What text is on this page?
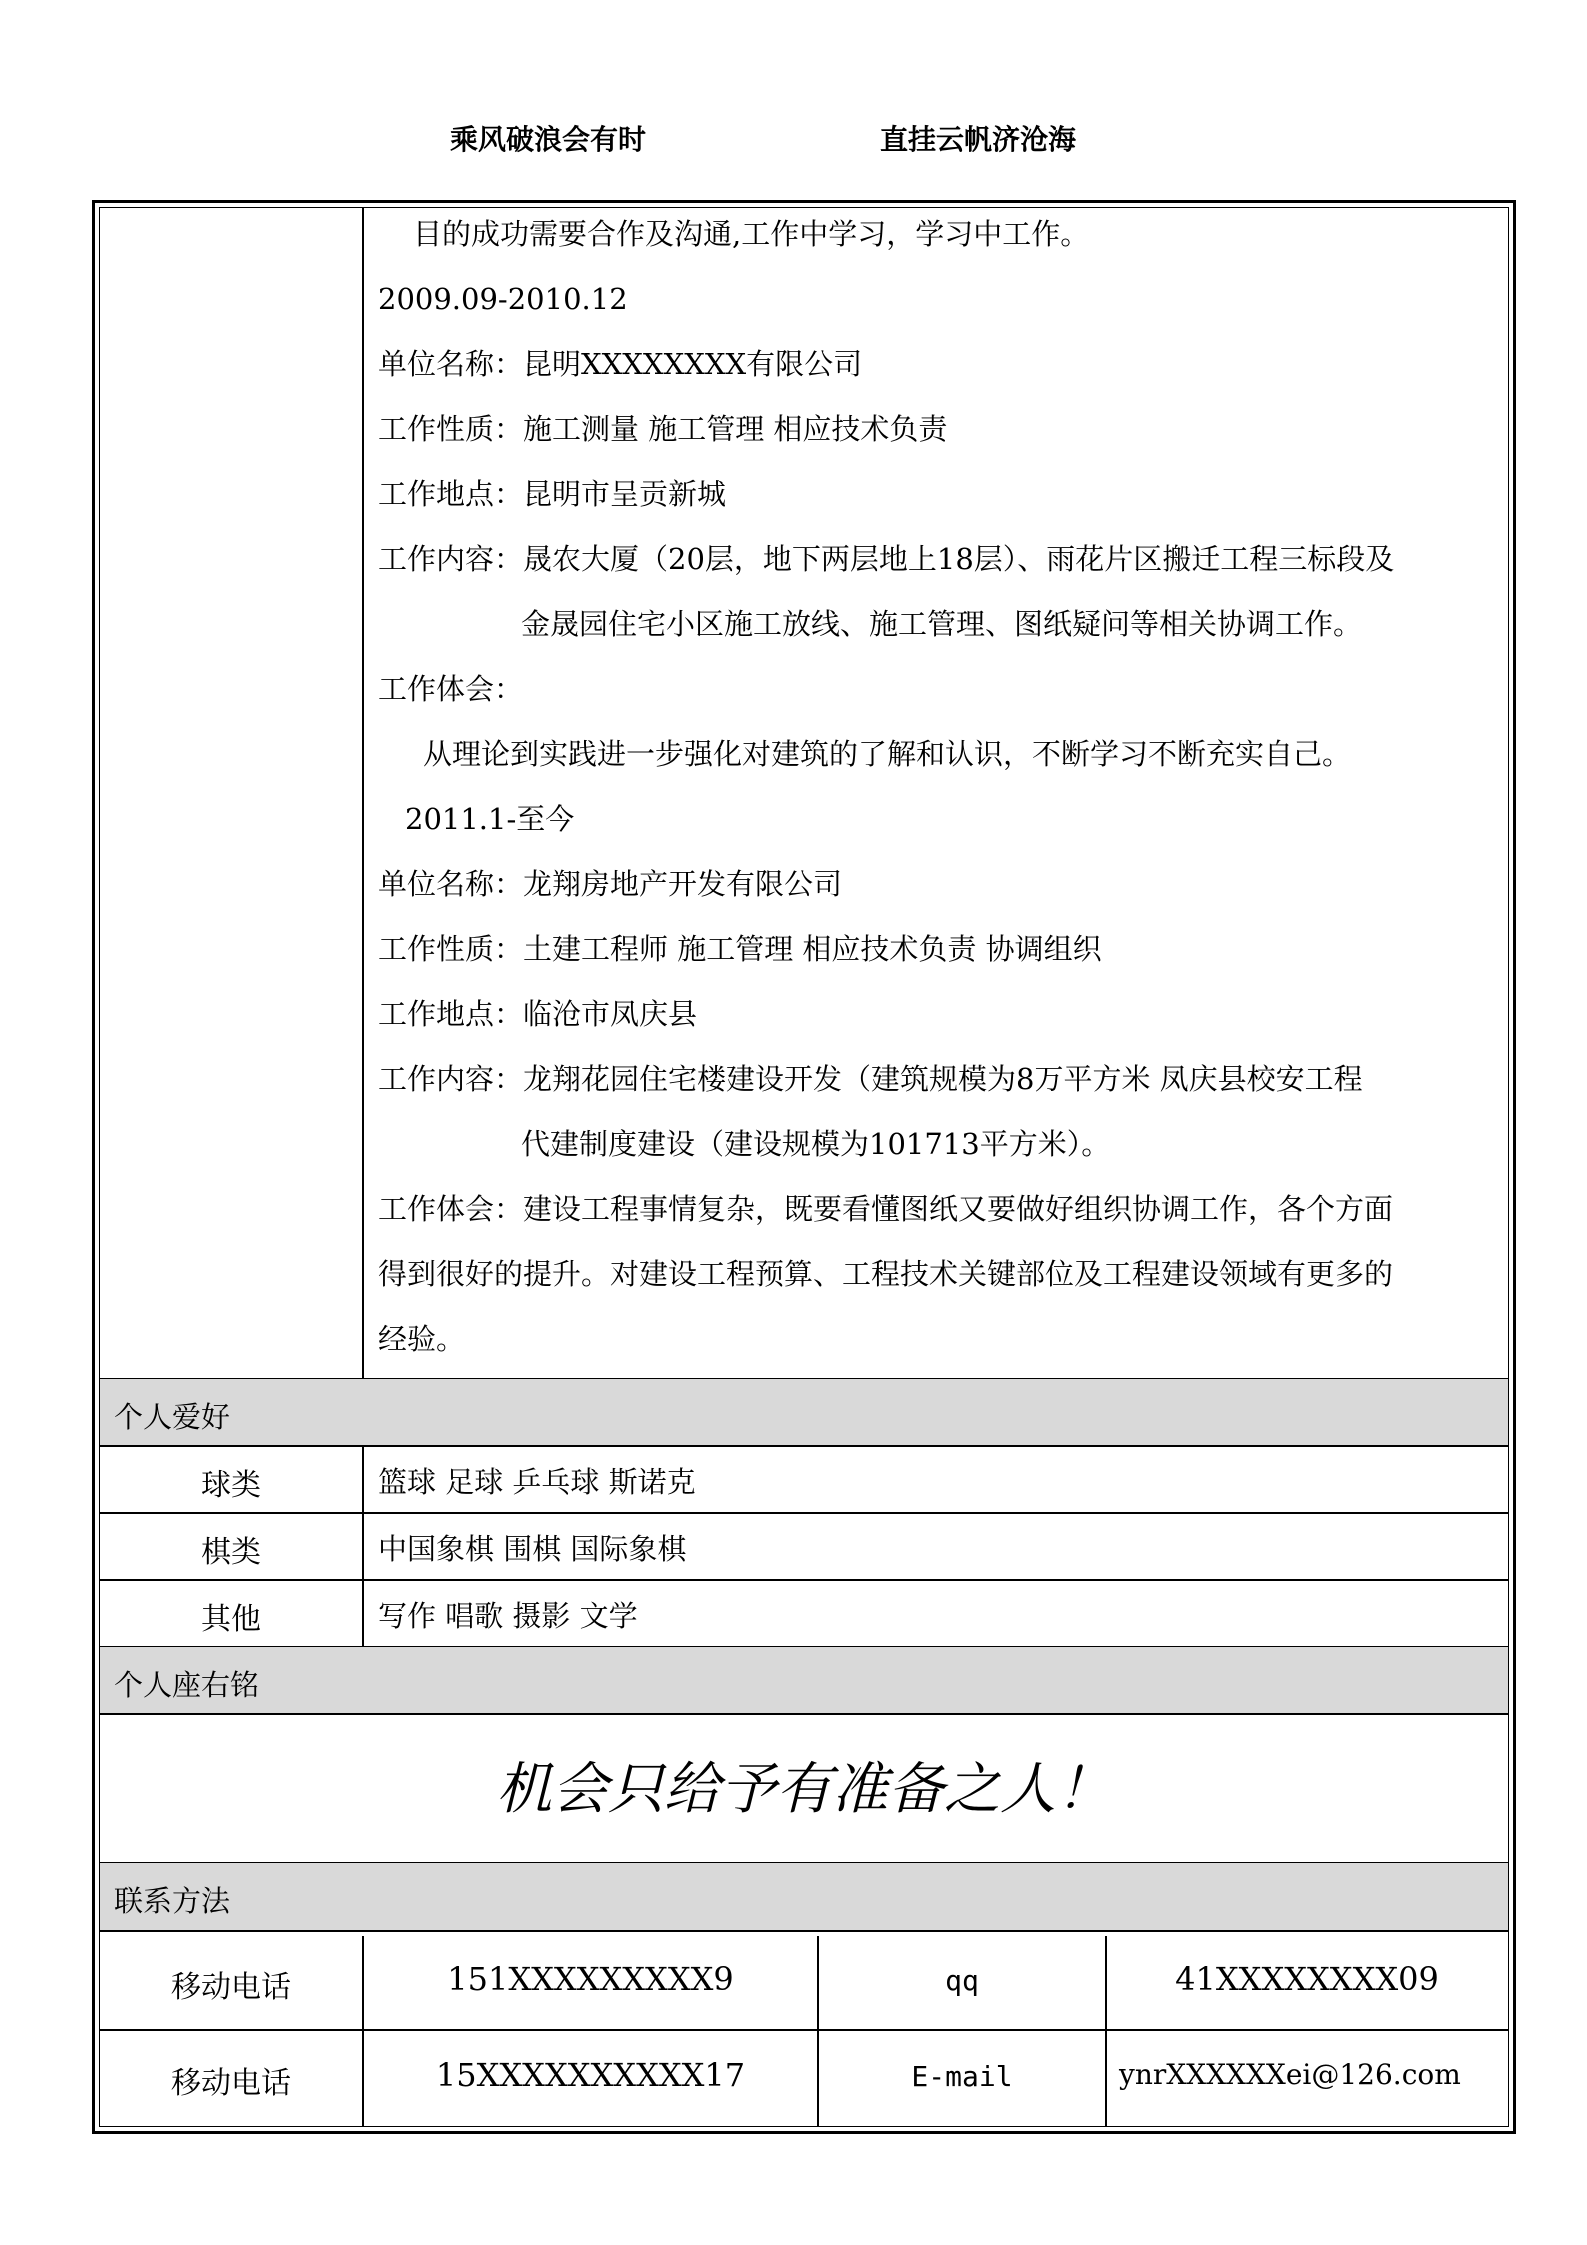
乘风破浪会有时	直挂云帆济沧海
目的成功需要合作及沟通,工作中学习，学习中工作。
2009.09-2010.12
单位名称：昆明XXXXXXXX有限公司
工作性质：施工测量 施工管理 相应技术负责
工作地点：昆明市呈贡新城
工作内容：晟农大厦（20层，地下两层地上18层）、雨花片区搬迁工程三标段及
金晟园住宅小区施工放线、施工管理、图纸疑问等相关协调工作。
工作体会：
从理论到实践进一步强化对建筑的了解和认识，不断学习不断充实自己。
2011.1-至今
单位名称：龙翔房地产开发有限公司
工作性质：土建工程师 施工管理 相应技术负责 协调组织
工作地点：临沧市凤庆县
工作内容：龙翔花园住宅楼建设开发（建筑规模为8万平方米 凤庆县校安工程
代建制度建设（建设规模为101713平方米）。
工作体会：建设工程事情复杂，既要看懂图纸又要做好组织协调工作，各个方面
得到很好的提升。对建设工程预算、工程技术关键部位及工程建设领域有更多的
经验。
个人爱好
球类	篮球 足球 乒乓球 斯诺克
棋类	中国象棋 围棋 国际象棋
其他	写作 唱歌 摄影 文学
个人座右铭
机会只给予有准备之人！
联系方法
移动电话	151XXXXXXXXX9	qq	41XXXXXXXX09
移动电话	15XXXXXXXXXX17	E-mail	ynrXXXXXXei@126.com
